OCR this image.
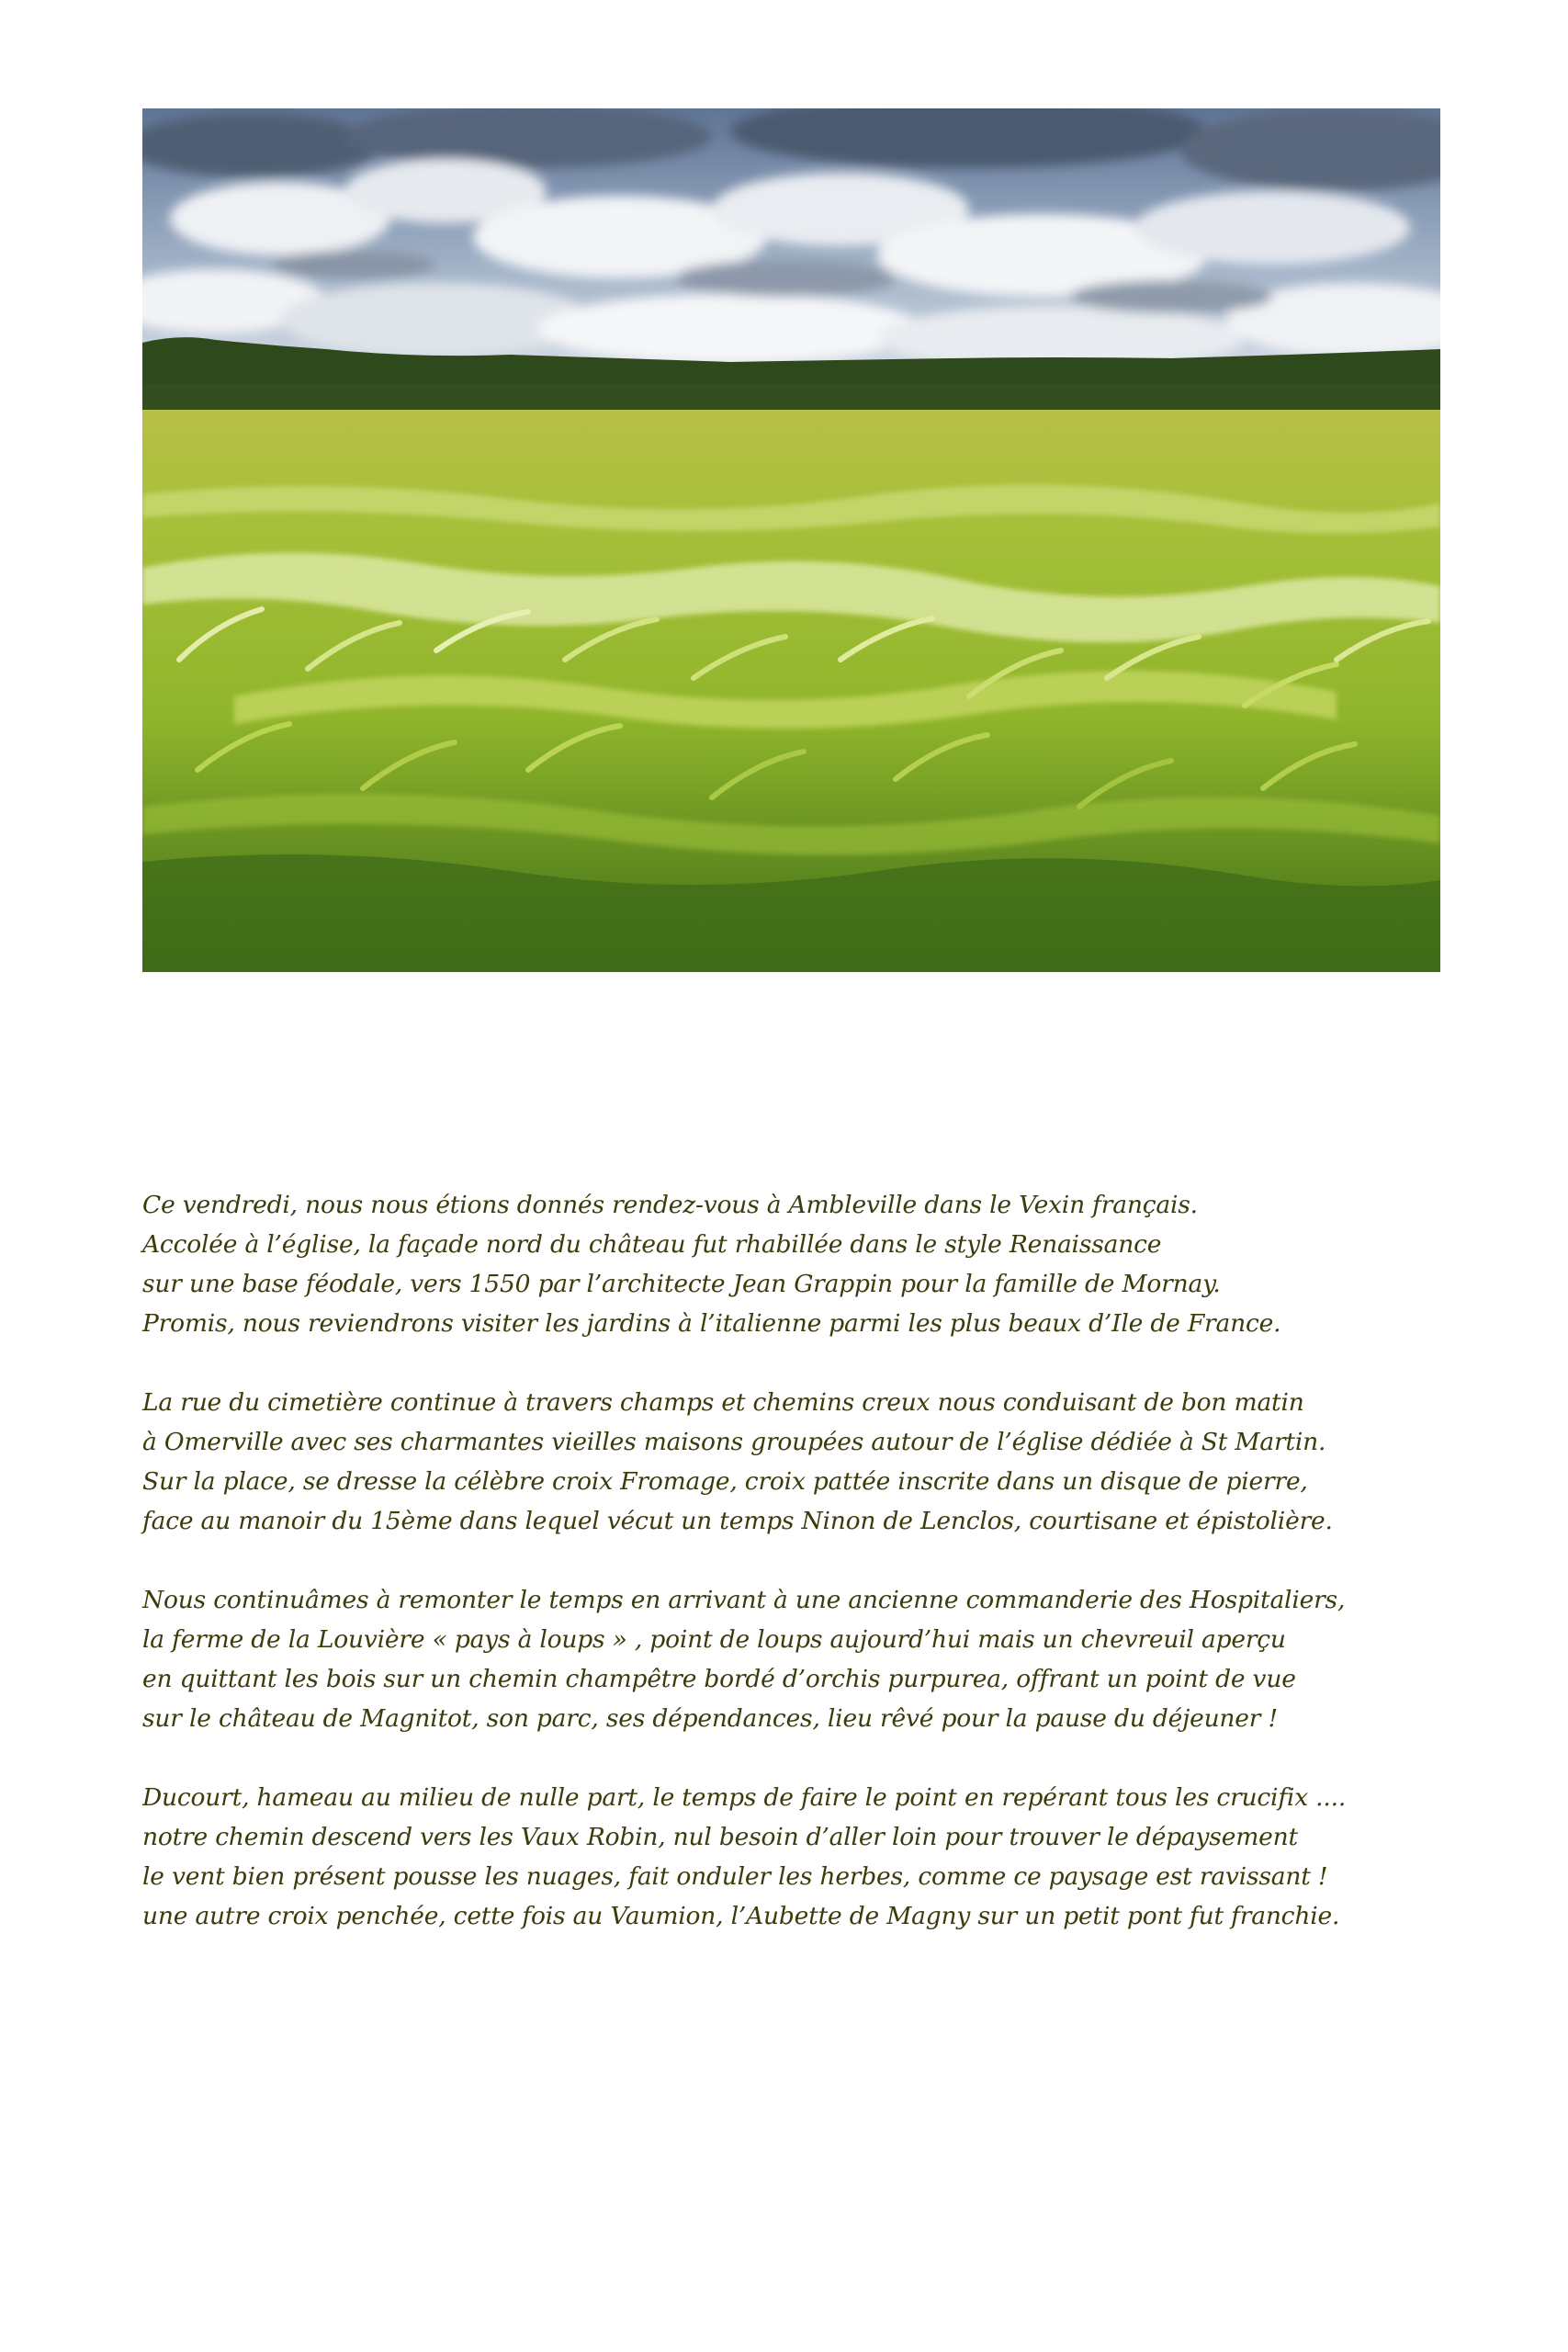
Ce vendredi, nous nous étions donnés rendez-vous à Ambleville dans le Vexin français.
Accolée à l’église, la façade nord du château fut rhabillée dans le style Renaissance
sur une base féodale, vers 1550 par l’architecte Jean Grappin pour la famille de Mornay.
Promis, nous reviendrons visiter les jardins à l’italienne parmi les plus beaux d’Ile de France.

La rue du cimetière continue à travers champs et chemins creux nous conduisant de bon matin
à Omerville avec ses charmantes vieilles maisons groupées autour de l’église dédiée à St Martin.
Sur la place, se dresse la célèbre croix Fromage, croix pattée inscrite dans un disque de pierre,
face au manoir du 15ème dans lequel vécut un temps Ninon de Lenclos, courtisane et épistolière.

Nous continuâmes à remonter le temps en arrivant à une ancienne commanderie des Hospitaliers,
la ferme de la Louvière « pays à loups » , point de loups aujourd’hui mais un chevreuil aperçu
en quittant les bois sur un chemin champêtre bordé d’orchis purpurea, offrant un point de vue
sur le château de Magnitot, son parc, ses dépendances, lieu rêvé pour la pause du déjeuner !

Ducourt, hameau au milieu de nulle part, le temps de faire le point en repérant tous les crucifix ....
notre chemin descend vers les Vaux Robin, nul besoin d’aller loin pour trouver le dépaysement
le vent bien présent pousse les nuages, fait onduler les herbes, comme ce paysage est ravissant !
une autre croix penchée, cette fois au Vaumion, l’Aubette de Magny sur un petit pont fut franchie.
